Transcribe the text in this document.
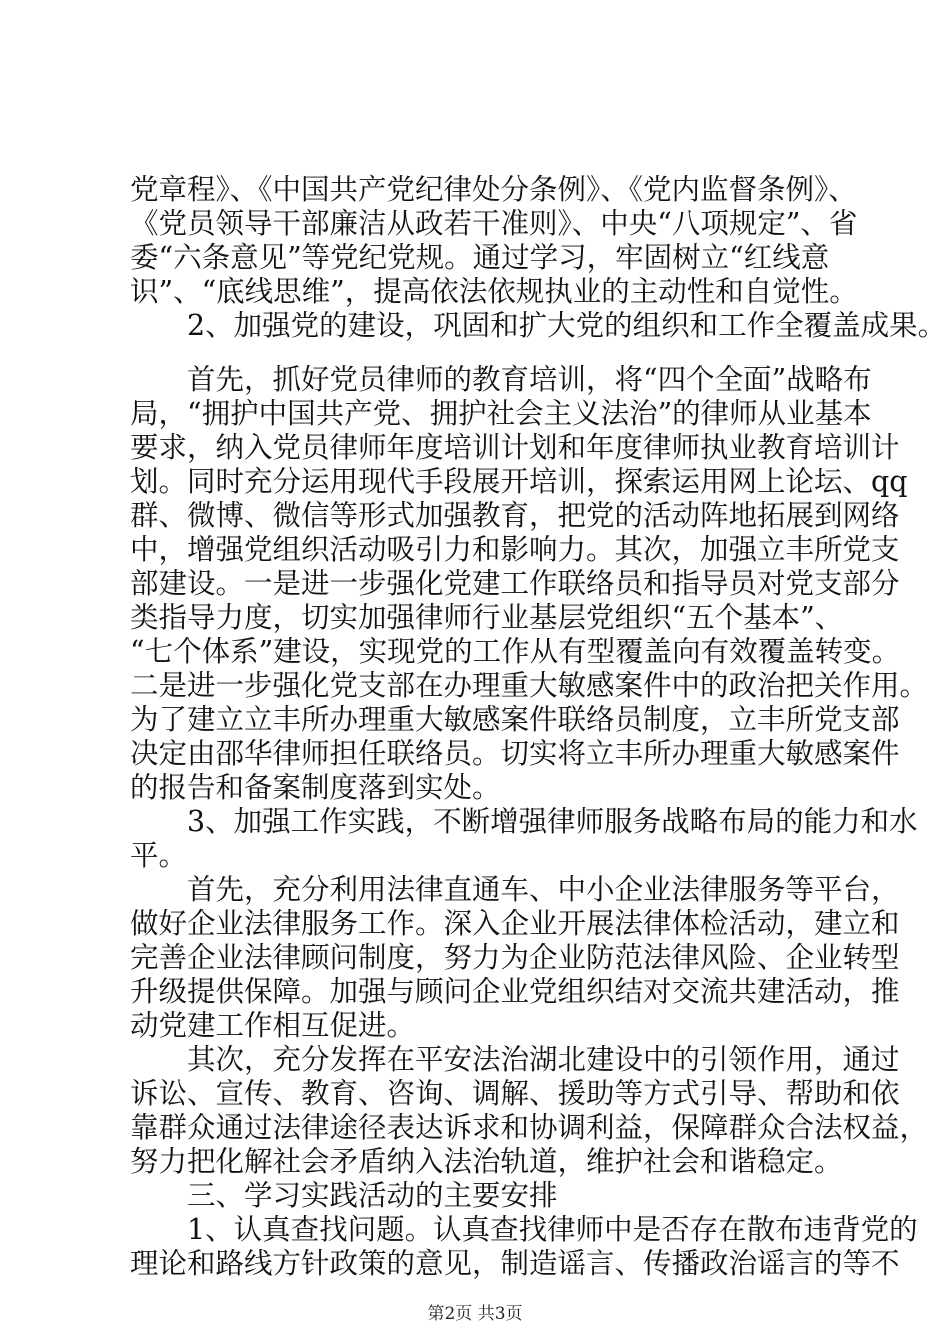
党章程》、《中国共产党纪律处分条例》、《党内监督条例》、
《党员领导干部廉洁从政若干准则》、中央“八项规定”、省
委“六条意见”等党纪党规。通过学习，牢固树立“红线意
识”、“底线思维”，提高依法依规执业的主动性和自觉性。
　　2、加强党的建设，巩固和扩大党的组织和工作全覆盖成果。
　　首先，抓好党员律师的教育培训，将“四个全面”战略布
局，“拥护中国共产党、拥护社会主义法治”的律师从业基本
要求，纳入党员律师年度培训计划和年度律师执业教育培训计
划。同时充分运用现代手段展开培训，探索运用网上论坛、qq
群、微博、微信等形式加强教育，把党的活动阵地拓展到网络
中，增强党组织活动吸引力和影响力。其次，加强立丰所党支
部建设。一是进一步强化党建工作联络员和指导员对党支部分
类指导力度，切实加强律师行业基层党组织“五个基本”、
“七个体系”建设，实现党的工作从有型覆盖向有效覆盖转变。
二是进一步强化党支部在办理重大敏感案件中的政治把关作用。
为了建立立丰所办理重大敏感案件联络员制度，立丰所党支部
决定由邵华律师担任联络员。切实将立丰所办理重大敏感案件
的报告和备案制度落到实处。
　　3、加强工作实践，不断增强律师服务战略布局的能力和水
平。
　　首先，充分利用法律直通车、中小企业法律服务等平台，
做好企业法律服务工作。深入企业开展法律体检活动，建立和
完善企业法律顾问制度，努力为企业防范法律风险、企业转型
升级提供保障。加强与顾问企业党组织结对交流共建活动，推
动党建工作相互促进。
　　其次，充分发挥在平安法治湖北建设中的引领作用，通过
诉讼、宣传、教育、咨询、调解、援助等方式引导、帮助和依
靠群众通过法律途径表达诉求和协调利益，保障群众合法权益，
努力把化解社会矛盾纳入法治轨道，维护社会和谐稳定。
　　三、学习实践活动的主要安排
　　1、认真查找问题。认真查找律师中是否存在散布违背党的
理论和路线方针政策的意见，制造谣言、传播政治谣言的等不
第2页 共3页
